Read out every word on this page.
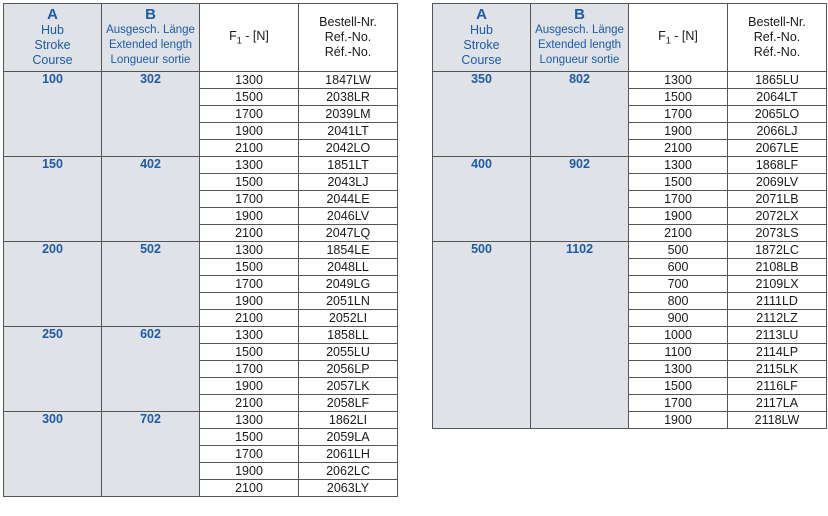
A
Hub
Stroke
Course	B
Ausgesch. Länge
Extended length
Longueur sortie	$F_1 - [N]$	Bestell-Nr.
Ref.-No.
Réf.-No.

100	302	1300	1847LW
		1500	2038LR
		1700	2039LM
		1900	2041LT
		2100	2042LO
150	402	1300	1851LT
		1500	2043LJ
		1700	2044LE
		1900	2046LV
		2100	2047LQ
200	502	1300	1854LE
		1500	2048LL
		1700	2049LG
		1900	2051LN
		2100	2052LI
250	602	1300	1858LL
		1500	2055LU
		1700	2056LP
		1900	2057LK
		2100	2058LF
300	702	1300	1862LI
		1500	2059LA
		1700	2061LH
		1900	2062LC
		2100	2063LY
A
Hub
Stroke
Course	B
Ausgesch. Länge
Extended length
Longueur sortie	$F_1 - [N]$	Bestell-Nr.
Ref.-No.
Réf.-No.

350	802	1300	1865LU
		1500	2064LT
		1700	2065LO
		1900	2066LJ
		2100	2067LE
400	902	1300	1868LF
		1500	2069LV
		1700	2071LB
		1900	2072LX
		2100	2073LS
500	1102	500	1872LC
		600	2108LB
		700	2109LX
		800	2111LD
		900	2112LZ
		1000	2113LU
		1100	2114LP
		1300	2115LK
		1500	2116LF
		1700	2117LA
		1900	2118LW
